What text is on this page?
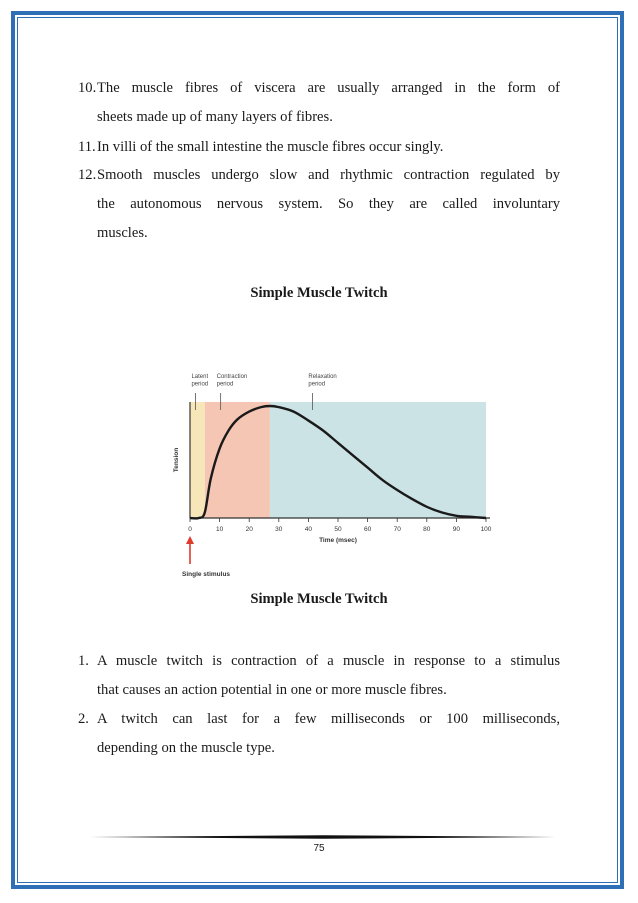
10. The muscle fibres of viscera are usually arranged in the form of
sheets made up of many layers of fibres.
11. In villi of the small intestine the muscle fibres occur singly.
12. Smooth muscles undergo slow and rhythmic contraction regulated by
the autonomous nervous system. So they are called involuntary
muscles.
Simple Muscle Twitch
Latent
period
Contraction
period
Relaxation
period
0	10	20	30	40	50	60	70	80	90	100
Time (msec)
Tension
Single stimulus
Simple Muscle Twitch
1. A muscle twitch is contraction of a muscle in response to a stimulus
that causes an action potential in one or more muscle fibres.
2. A twitch can last for a few milliseconds or 100 milliseconds,
depending on the muscle type.
75
